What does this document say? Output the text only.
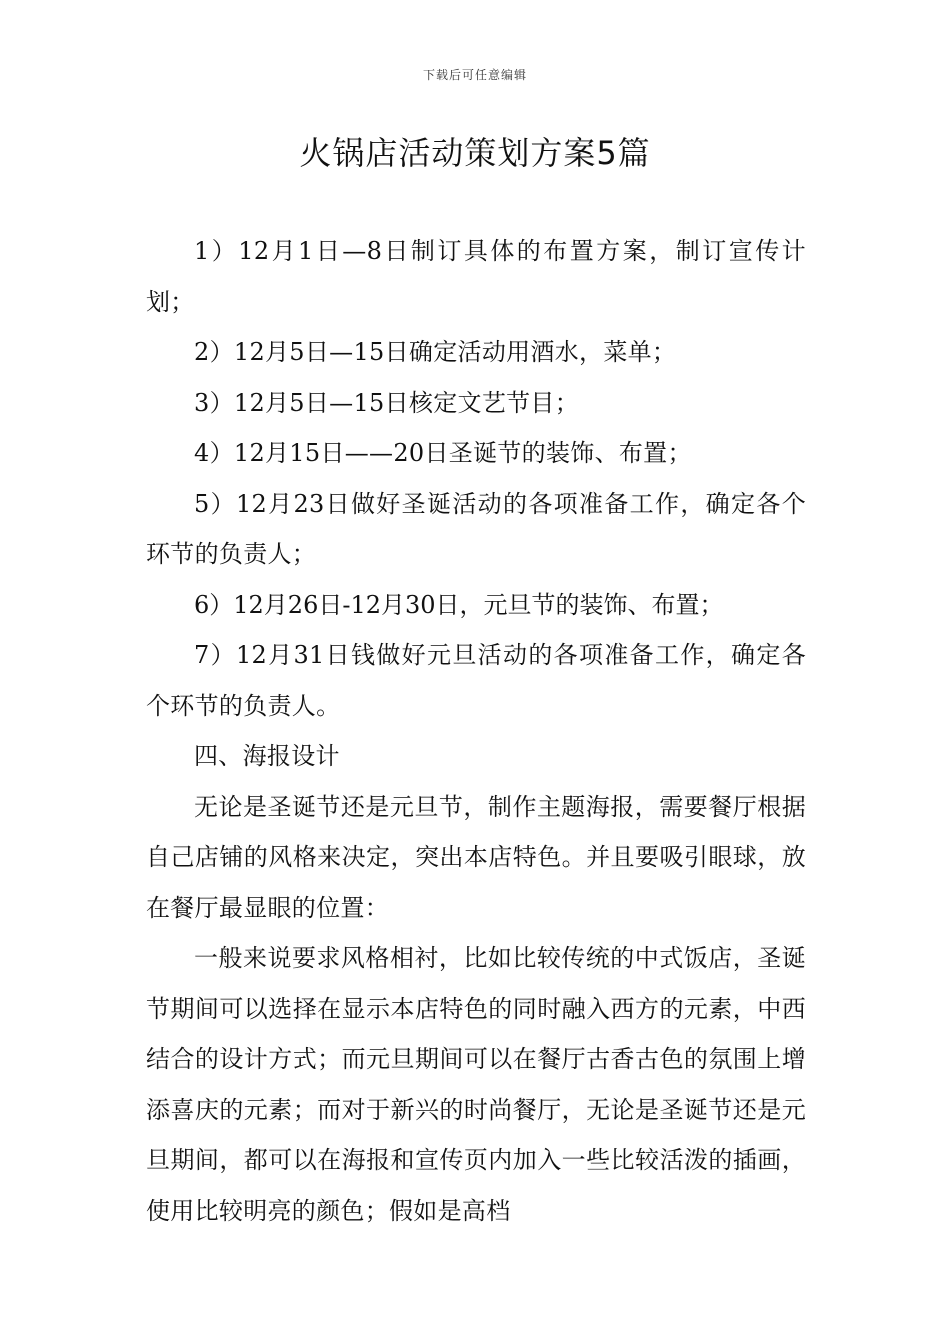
下载后可任意编辑
火锅店活动策划方案5篇

1）12月1日—8日制订具体的布置方案，制订宣传计划；

2）12月5日—15日确定活动用酒水，菜单；

3）12月5日—15日核定文艺节目；

4）12月15日——20日圣诞节的装饰、布置；

5）12月23日做好圣诞活动的各项准备工作，确定各个环节的负责人；

6）12月26日-12月30日，元旦节的装饰、布置；

7）12月31日钱做好元旦活动的各项准备工作，确定各个环节的负责人。

四、海报设计

无论是圣诞节还是元旦节，制作主题海报，需要餐厅根据自己店铺的风格来决定，突出本店特色。并且要吸引眼球，放在餐厅最显眼的位置：

一般来说要求风格相衬，比如比较传统的中式饭店，圣诞节期间可以选择在显示本店特色的同时融入西方的元素，中西结合的设计方式；而元旦期间可以在餐厅古香古色的氛围上增添喜庆的元素；而对于新兴的时尚餐厅，无论是圣诞节还是元旦期间，都可以在海报和宣传页内加入一些比较活泼的插画，使用比较明亮的颜色；假如是高档
